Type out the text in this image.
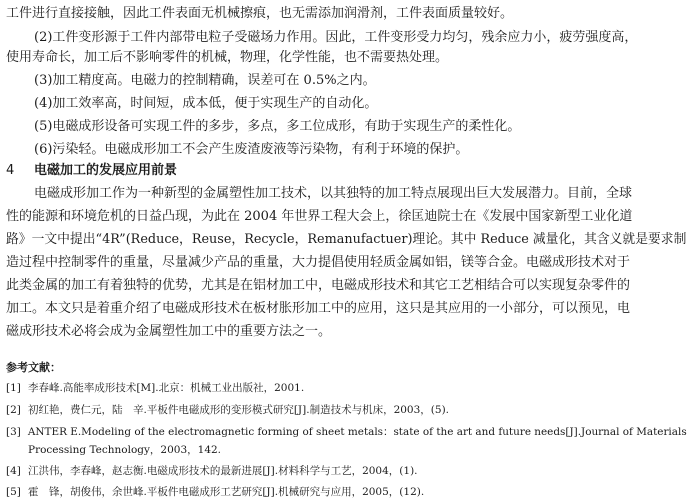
工件进行直接接触，因此工件表面无机械擦痕，也无需添加润滑剂，工件表面质量较好。
(2)工件变形源于工件内部带电粒子受磁场力作用。因此，工件变形受力均匀，残余应力小，疲劳强度高，
使用寿命长，加工后不影响零件的机械，物理，化学性能，也不需要热处理。
(3)加工精度高。电磁力的控制精确，误差可在 0.5%之内。
(4)加工效率高，时间短，成本低，便于实现生产的自动化。
(5)电磁成形设备可实现工件的多步，多点，多工位成形，有助于实现生产的柔性化。
(6)污染轻。电磁成形加工不会产生废渣废液等污染物，有利于环境的保护。
4 电磁加工的发展应用前景
电磁成形加工作为一种新型的金属塑性加工技术，以其独特的加工特点展现出巨大发展潜力。目前，全球
性的能源和环境危机的日益凸现，为此在 2004 年世界工程大会上，徐匡迪院士在《发展中国家新型工业化道
路》一文中提出“4R”(Reduce，Reuse，Recycle，Remanufactuer)理论。其中 Reduce 减量化，其含义就是要求制
造过程中控制零件的重量，尽量减少产品的重量，大力提倡使用轻质金属如铝，镁等合金。电磁成形技术对于
此类金属的加工有着独特的优势，尤其是在铝材加工中，电磁成形技术和其它工艺相结合可以实现复杂零件的
加工。本文只是着重介绍了电磁成形技术在板材胀形加工中的应用，这只是其应用的一小部分，可以预见，电
磁成形技术必将会成为金属塑性加工中的重要方法之一。
参考文献：
[1] 李春峰.高能率成形技术[M].北京：机械工业出版社，2001.
[2] 初红艳，费仁元，陆　辛.平板件电磁成形的变形模式研究[J].制造技术与机床，2003，(5).
[3] ANTER E.Modeling of the electromagnetic forming of sheet metals：state of the art and future needs[J].Journal of Materials
Processing Technology，2003，142.
[4] 江洪伟，李春峰，赵志衡.电磁成形技术的最新进展[J].材料科学与工艺，2004，(1).
[5] 霍　锋，胡俊伟，余世峰.平板件电磁成形工艺研究[J].机械研究与应用，2005，(12).
